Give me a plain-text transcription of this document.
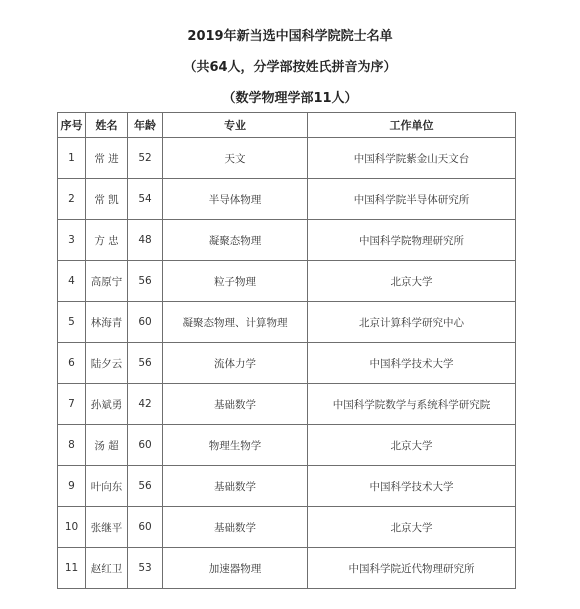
2019年新当选中国科学院院士名单
（共64人，分学部按姓氏拼音为序）
（数学物理学部11人）
序号	姓名	年龄	专业	工作单位
1	常 进	52	天文	中国科学院紫金山天文台
2	常 凯	54	半导体物理	中国科学院半导体研究所
3	方 忠	48	凝聚态物理	中国科学院物理研究所
4	高原宁	56	粒子物理	北京大学
5	林海青	60	凝聚态物理、计算物理	北京计算科学研究中心
6	陆夕云	56	流体力学	中国科学技术大学
7	孙斌勇	42	基础数学	中国科学院数学与系统科学研究院
8	汤 超	60	物理生物学	北京大学
9	叶向东	56	基础数学	中国科学技术大学
10	张继平	60	基础数学	北京大学
11	赵红卫	53	加速器物理	中国科学院近代物理研究所
